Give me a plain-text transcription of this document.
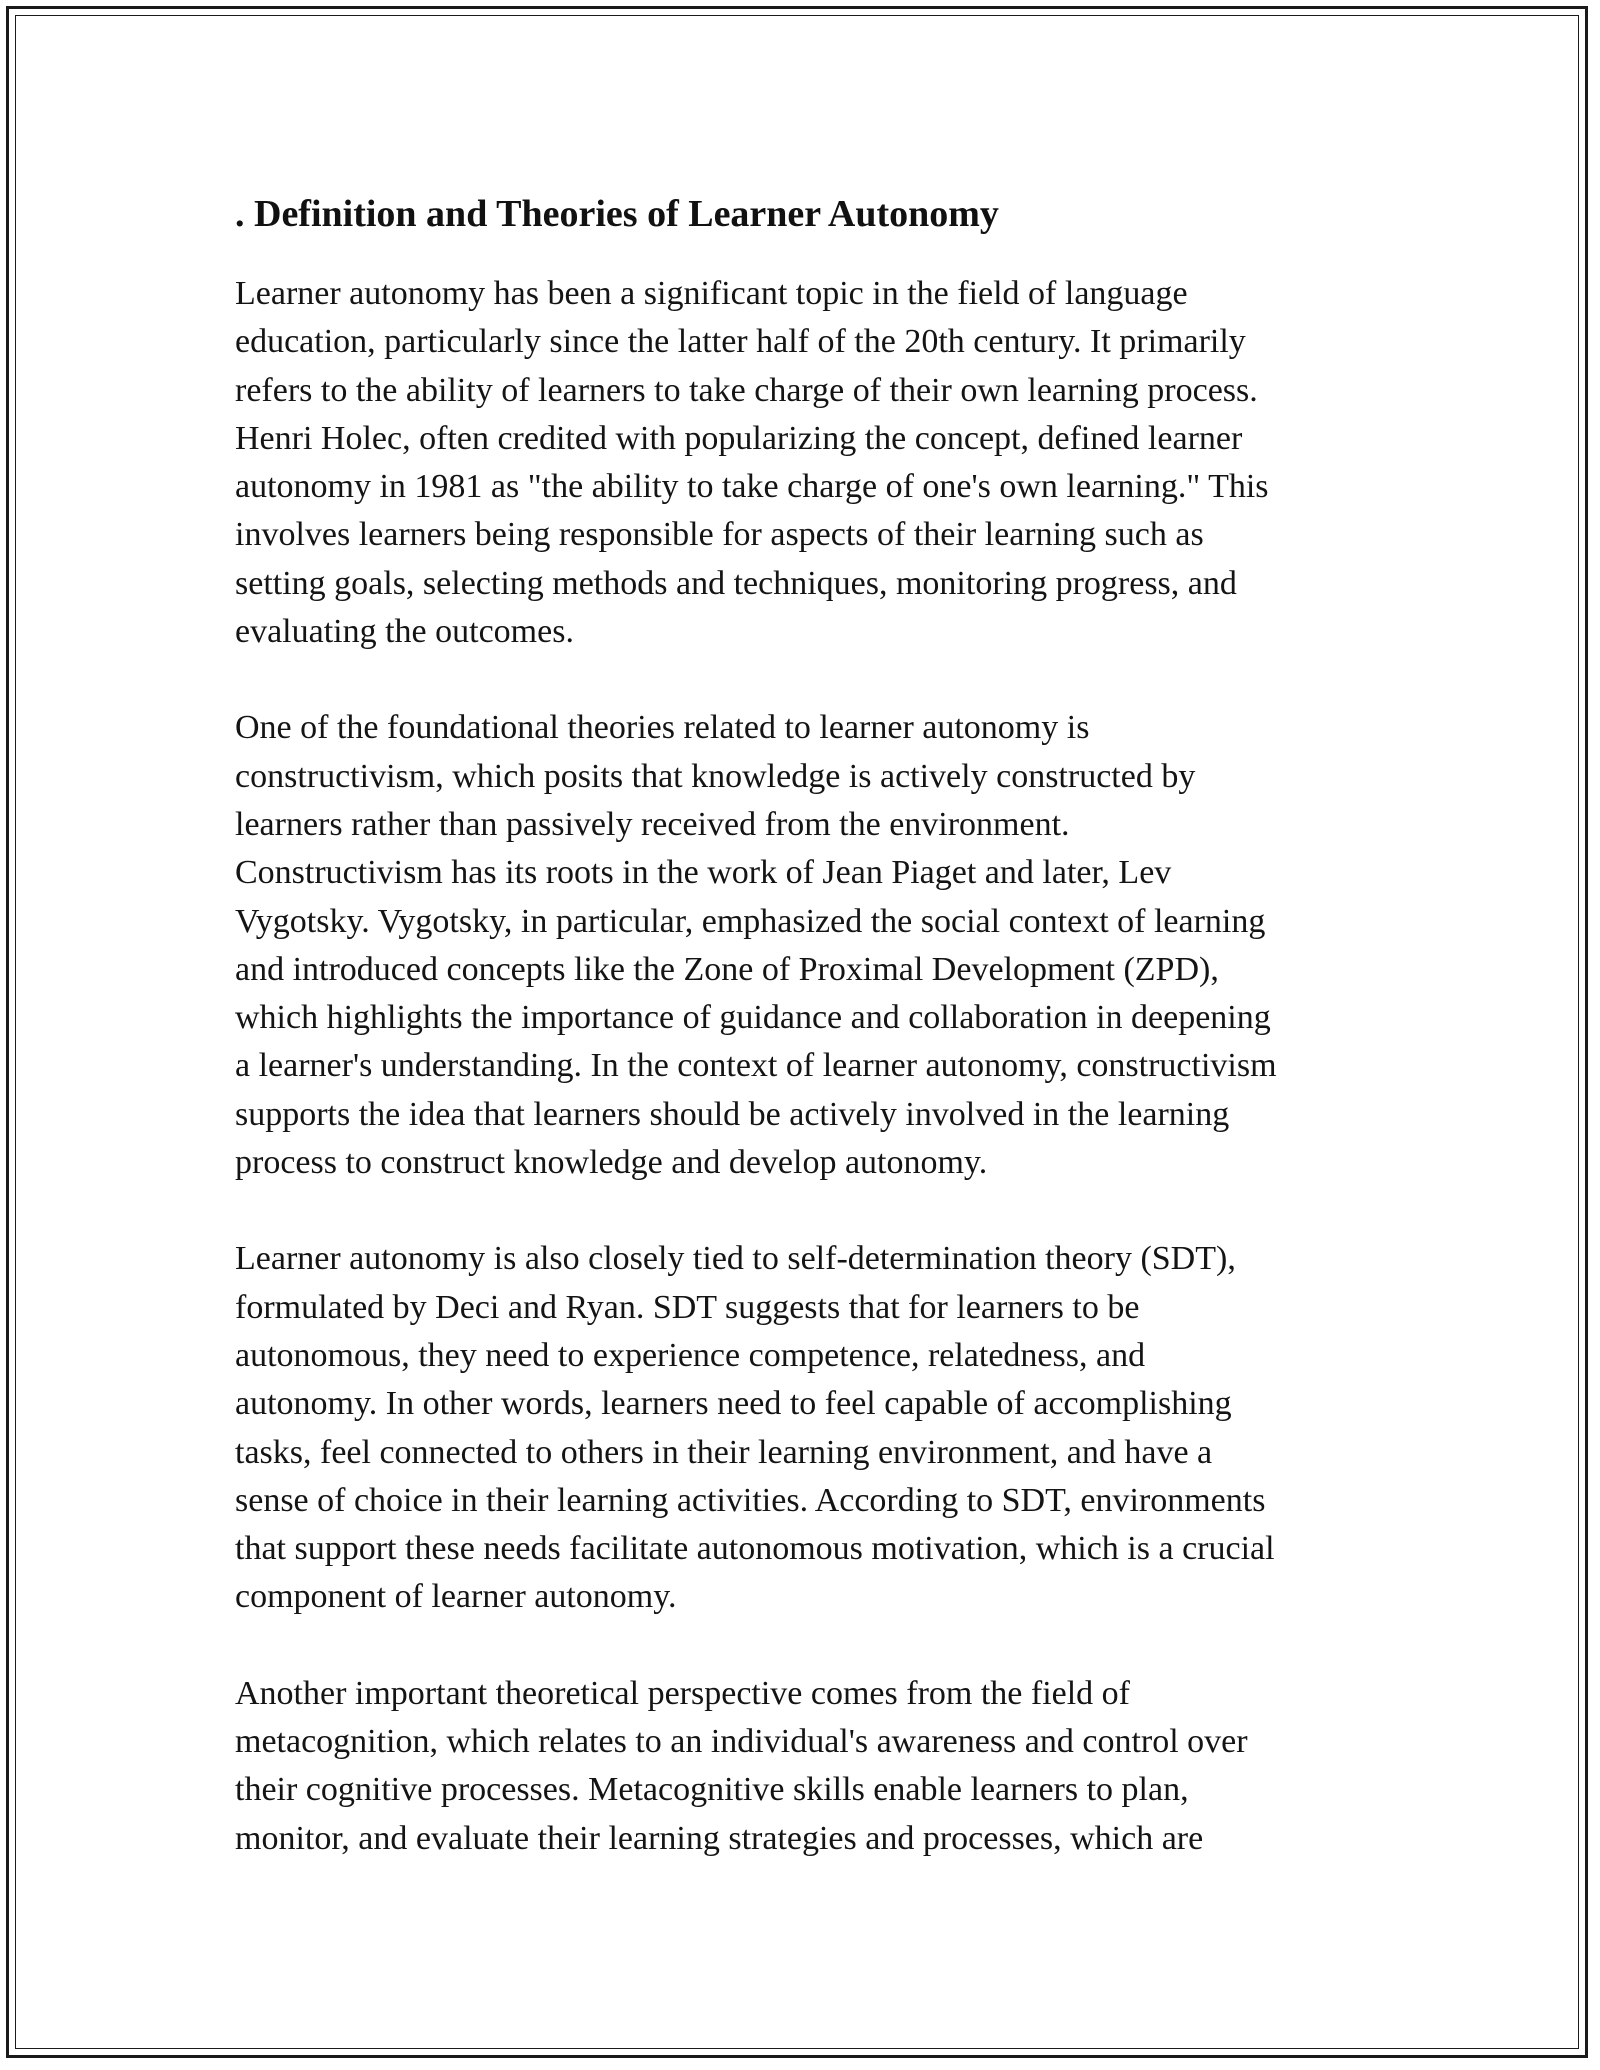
. Definition and Theories of Learner Autonomy

Learner autonomy has been a significant topic in the field of language
education, particularly since the latter half of the 20th century. It primarily
refers to the ability of learners to take charge of their own learning process.
Henri Holec, often credited with popularizing the concept, defined learner
autonomy in 1981 as "the ability to take charge of one's own learning." This
involves learners being responsible for aspects of their learning such as
setting goals, selecting methods and techniques, monitoring progress, and
evaluating the outcomes.

One of the foundational theories related to learner autonomy is
constructivism, which posits that knowledge is actively constructed by
learners rather than passively received from the environment.
Constructivism has its roots in the work of Jean Piaget and later, Lev
Vygotsky. Vygotsky, in particular, emphasized the social context of learning
and introduced concepts like the Zone of Proximal Development (ZPD),
which highlights the importance of guidance and collaboration in deepening
a learner's understanding. In the context of learner autonomy, constructivism
supports the idea that learners should be actively involved in the learning
process to construct knowledge and develop autonomy.

Learner autonomy is also closely tied to self-determination theory (SDT),
formulated by Deci and Ryan. SDT suggests that for learners to be
autonomous, they need to experience competence, relatedness, and
autonomy. In other words, learners need to feel capable of accomplishing
tasks, feel connected to others in their learning environment, and have a
sense of choice in their learning activities. According to SDT, environments
that support these needs facilitate autonomous motivation, which is a crucial
component of learner autonomy.

Another important theoretical perspective comes from the field of
metacognition, which relates to an individual's awareness and control over
their cognitive processes. Metacognitive skills enable learners to plan,
monitor, and evaluate their learning strategies and processes, which are
